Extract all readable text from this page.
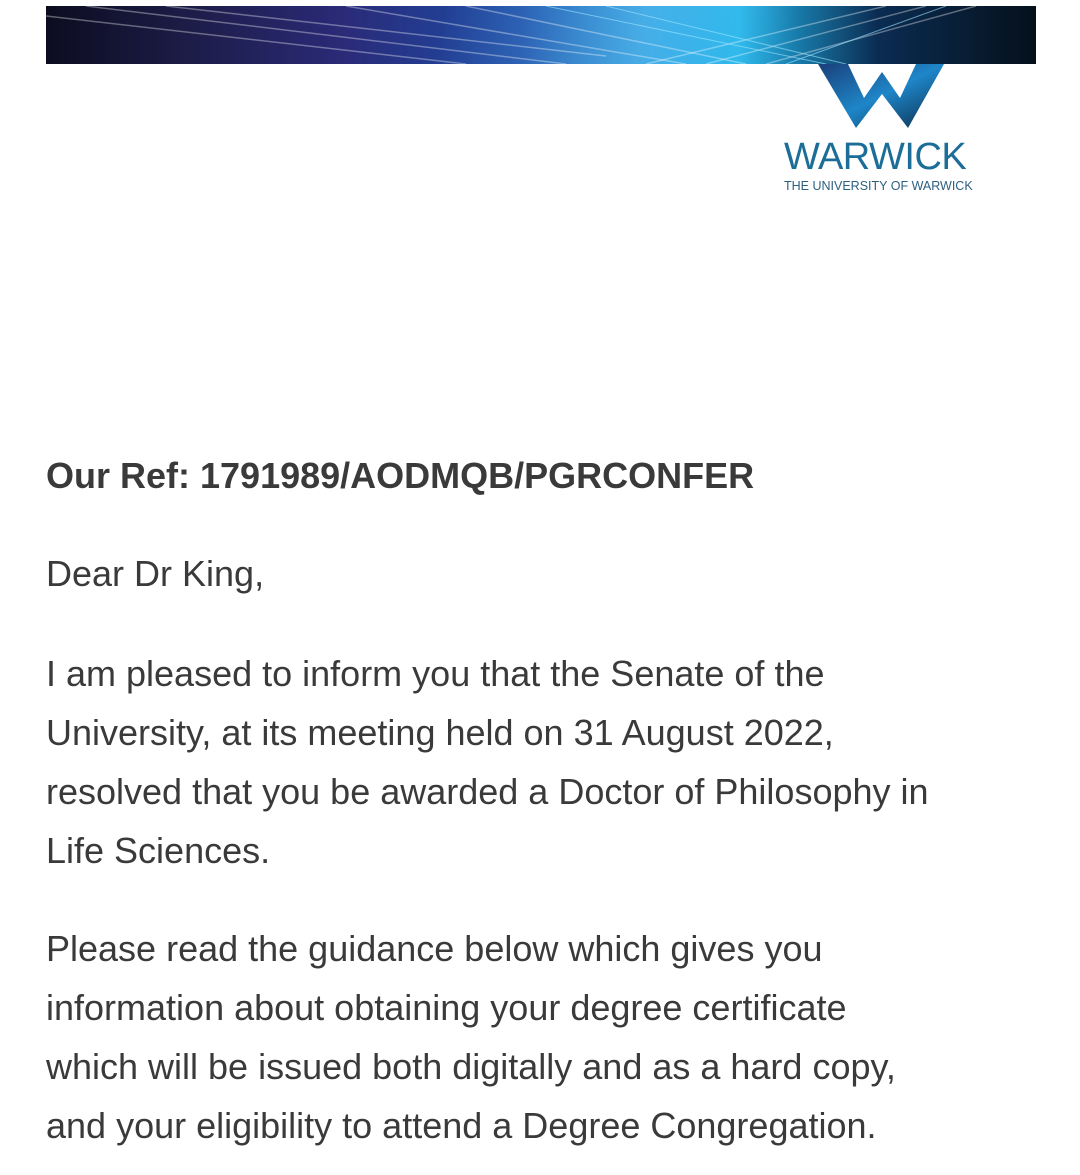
WARWICK
THE UNIVERSITY OF WARWICK
Our Ref: 1791989/AODMQB/PGRCONFER
Dear Dr King,
I am pleased to inform you that the Senate of the
University, at its meeting held on 31 August 2022,
resolved that you be awarded a Doctor of Philosophy in
Life Sciences.
Please read the guidance below which gives you
information about obtaining your degree certificate
which will be issued both digitally and as a hard copy,
and your eligibility to attend a Degree Congregation.
